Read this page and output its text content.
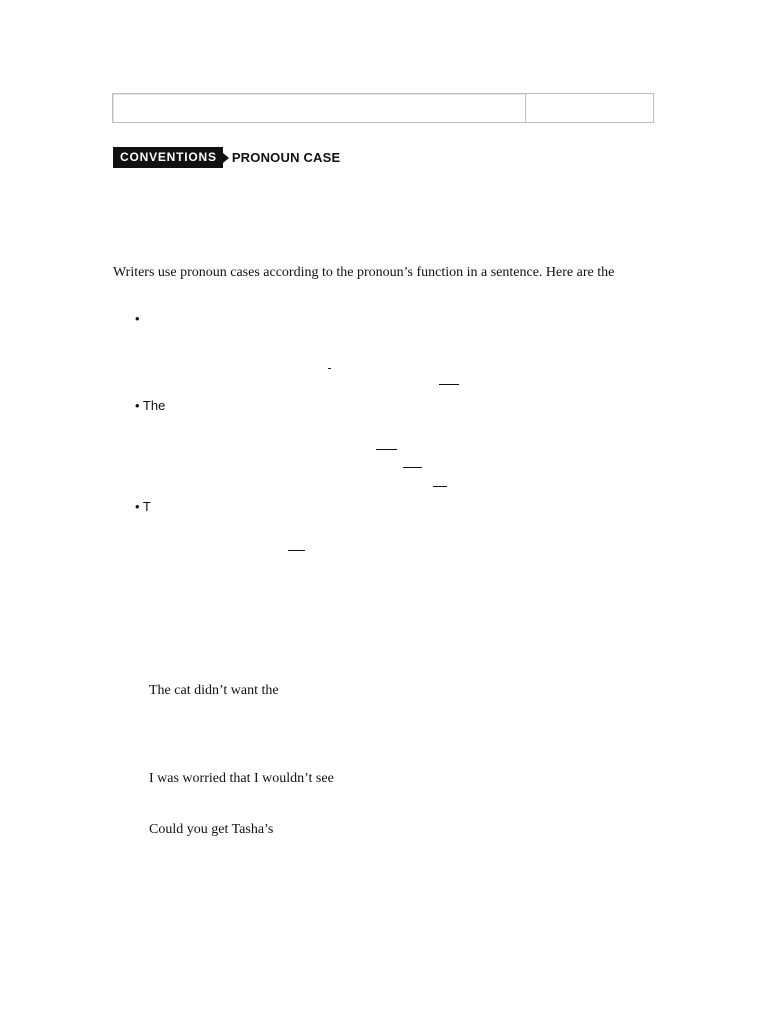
CONVENTIONS	PRONOUN CASE
Writers use pronoun cases according to the pronoun’s function in a sentence. Here are the
•
• The
• T
The cat didn’t want the
I was worried that I wouldn’t see
Could you get Tasha’s
